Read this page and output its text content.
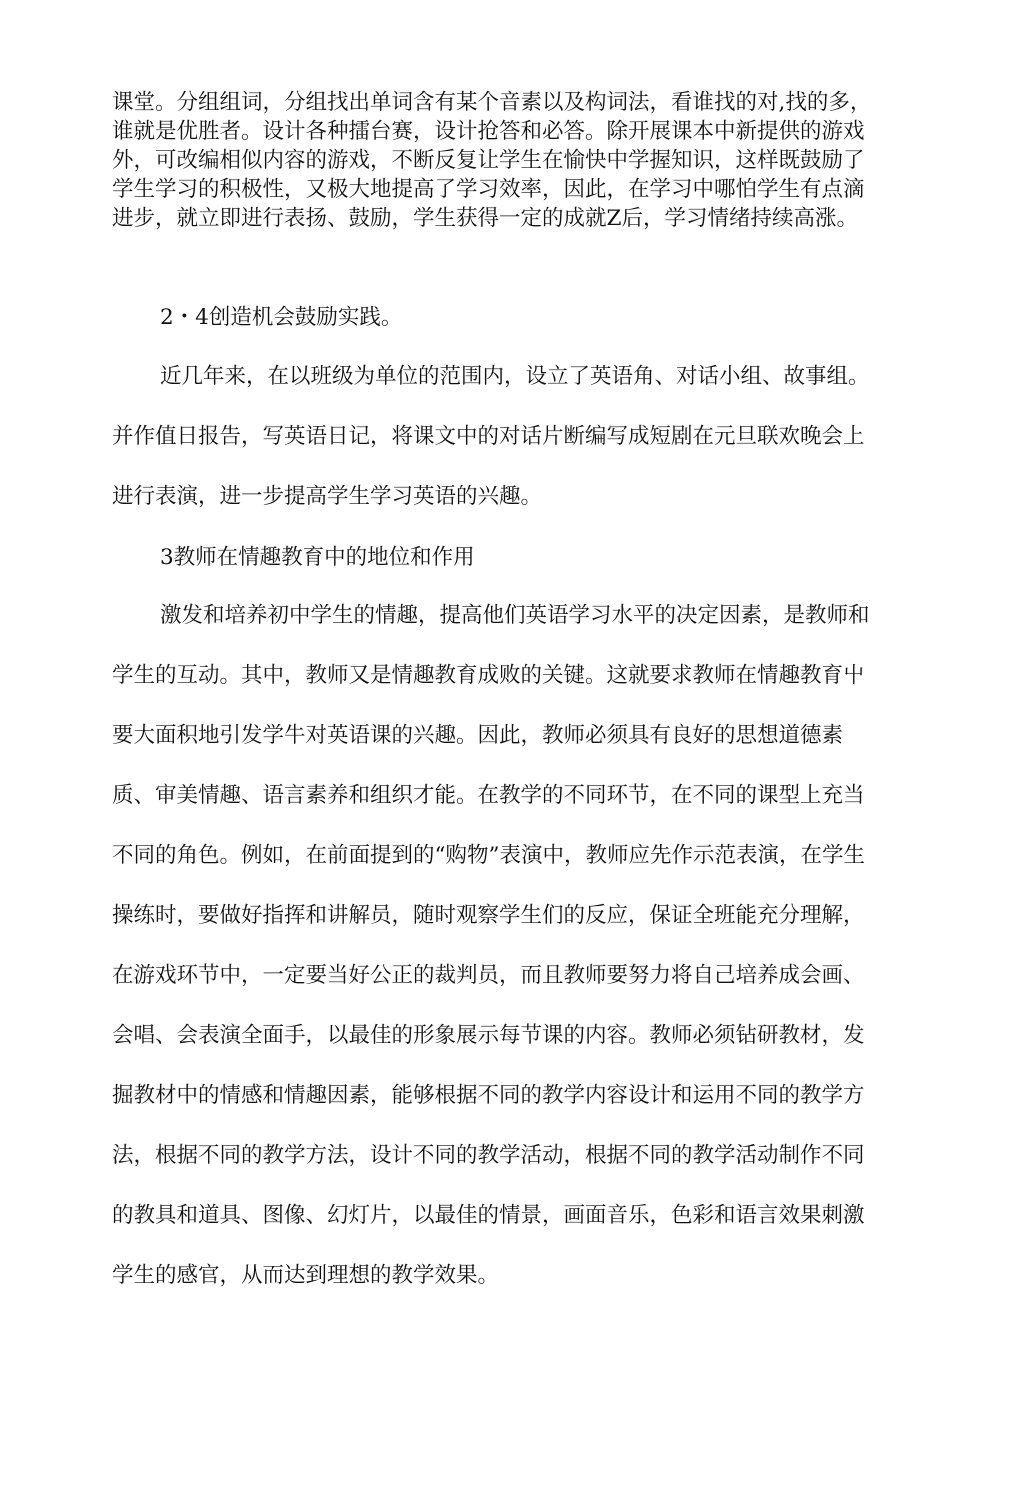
课堂。分组组词，分组找出单词含有某个音素以及构词法，看谁找的对,找的多，谁就是优胜者。设计各种擂台赛，设计抢答和必答。除开展课本中新提供的游戏外，可改编相似内容的游戏，不断反复让学生在愉快中学握知识，这样既鼓励了学生学习的积极性，又极大地提高了学习效率，因此，在学习中哪怕学生有点滴进步，就立即进行表扬、鼓励，学生获得一定的成就Z后，学习情绪持续高涨。

2・4创造机会鼓励实践。

近几年来，在以班级为单位的范围内，设立了英语角、对话小组、故事组。并作值日报告，写英语日记，将课文中的对话片断编写成短剧在元旦联欢晚会上进行表演，进一步提高学生学习英语的兴趣。

3教师在情趣教育中的地位和作用

激发和培养初中学生的情趣，提高他们英语学习水平的决定因素，是教师和学生的互动。其中，教师又是情趣教育成败的关键。这就要求教师在情趣教育屮要大面积地引发学牛对英语课的兴趣。因此，教师必须具有良好的思想道德素质、审美情趣、语言素养和组织才能。在教学的不同环节，在不同的课型上充当不同的角色。例如，在前面提到的“购物”表演中，教师应先作示范表演，在学生操练时，要做好指挥和讲解员，随时观察学生们的反应，保证全班能充分理解，在游戏环节中，一定要当好公正的裁判员，而且教师要努力将自己培养成会画、会唱、会表演全面手，以最佳的形象展示每节课的内容。教师必须钻研教材，发掘教材中的情感和情趣因素，能够根据不同的教学内容设计和运用不同的教学方法，根据不同的教学方法，设计不同的教学活动，根据不同的教学活动制作不同的教具和道具、图像、幻灯片，以最佳的情景，画面音乐，色彩和语言效果刺激学生的感官，从而达到理想的教学效果。
